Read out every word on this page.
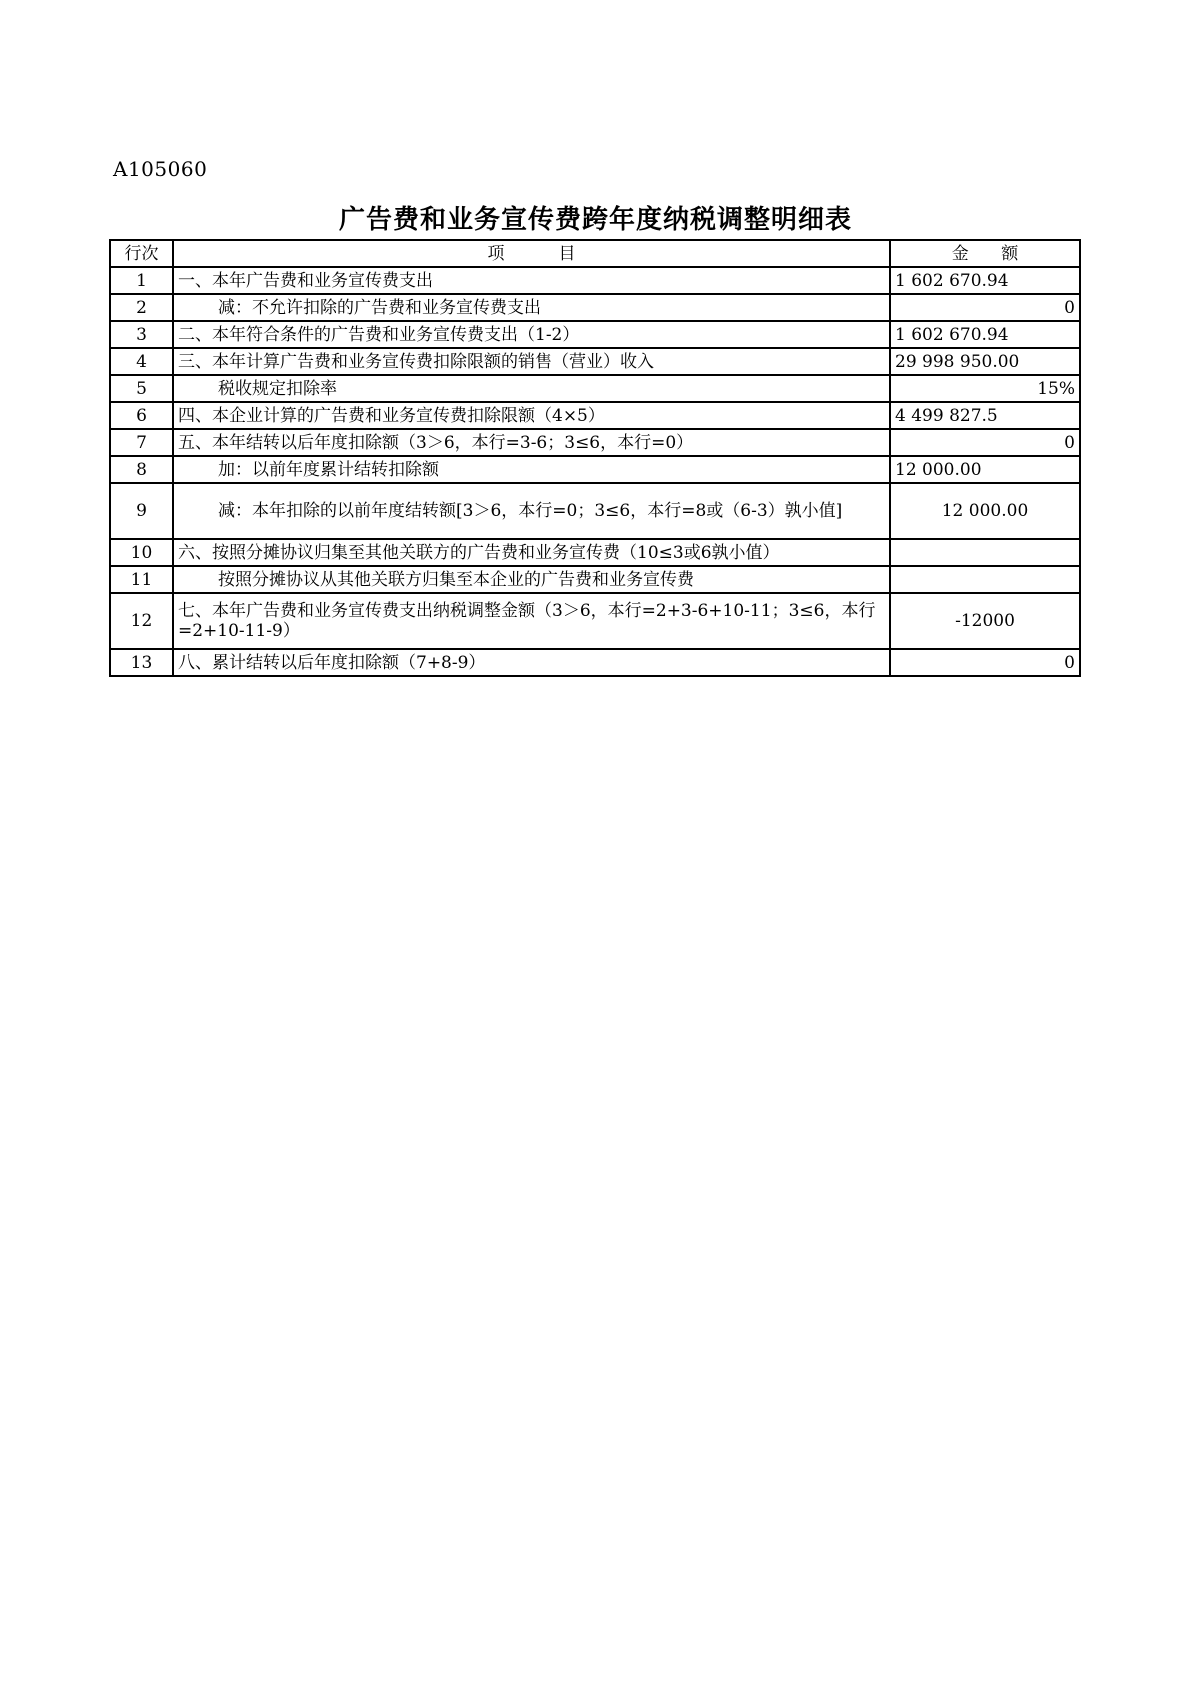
A105060
广告费和业务宣传费跨年度纳税调整明细表
行次	项          目	金      额
1	一、本年广告费和业务宣传费支出	1 602 670.94
2	减：不允许扣除的广告费和业务宣传费支出	0
3	二、本年符合条件的广告费和业务宣传费支出（1-2）	1 602 670.94
4	三、本年计算广告费和业务宣传费扣除限额的销售（营业）收入	29 998 950.00
5	税收规定扣除率	15%
6	四、本企业计算的广告费和业务宣传费扣除限额（4×5）	4 499 827.5
7	五、本年结转以后年度扣除额（3＞6，本行=3-6；3≤6，本行=0）	0
8	加：以前年度累计结转扣除额	12 000.00
9	减：本年扣除的以前年度结转额[3＞6，本行=0；3≤6，本行=8或（6-3）孰小值]	12 000.00
10	六、按照分摊协议归集至其他关联方的广告费和业务宣传费（10≤3或6孰小值）	
11	按照分摊协议从其他关联方归集至本企业的广告费和业务宣传费	
12	七、本年广告费和业务宣传费支出纳税调整金额（3＞6，本行=2+3-6+10-11；3≤6，本行=2+10-11-9）	-12000
13	八、累计结转以后年度扣除额（7+8-9）	0
